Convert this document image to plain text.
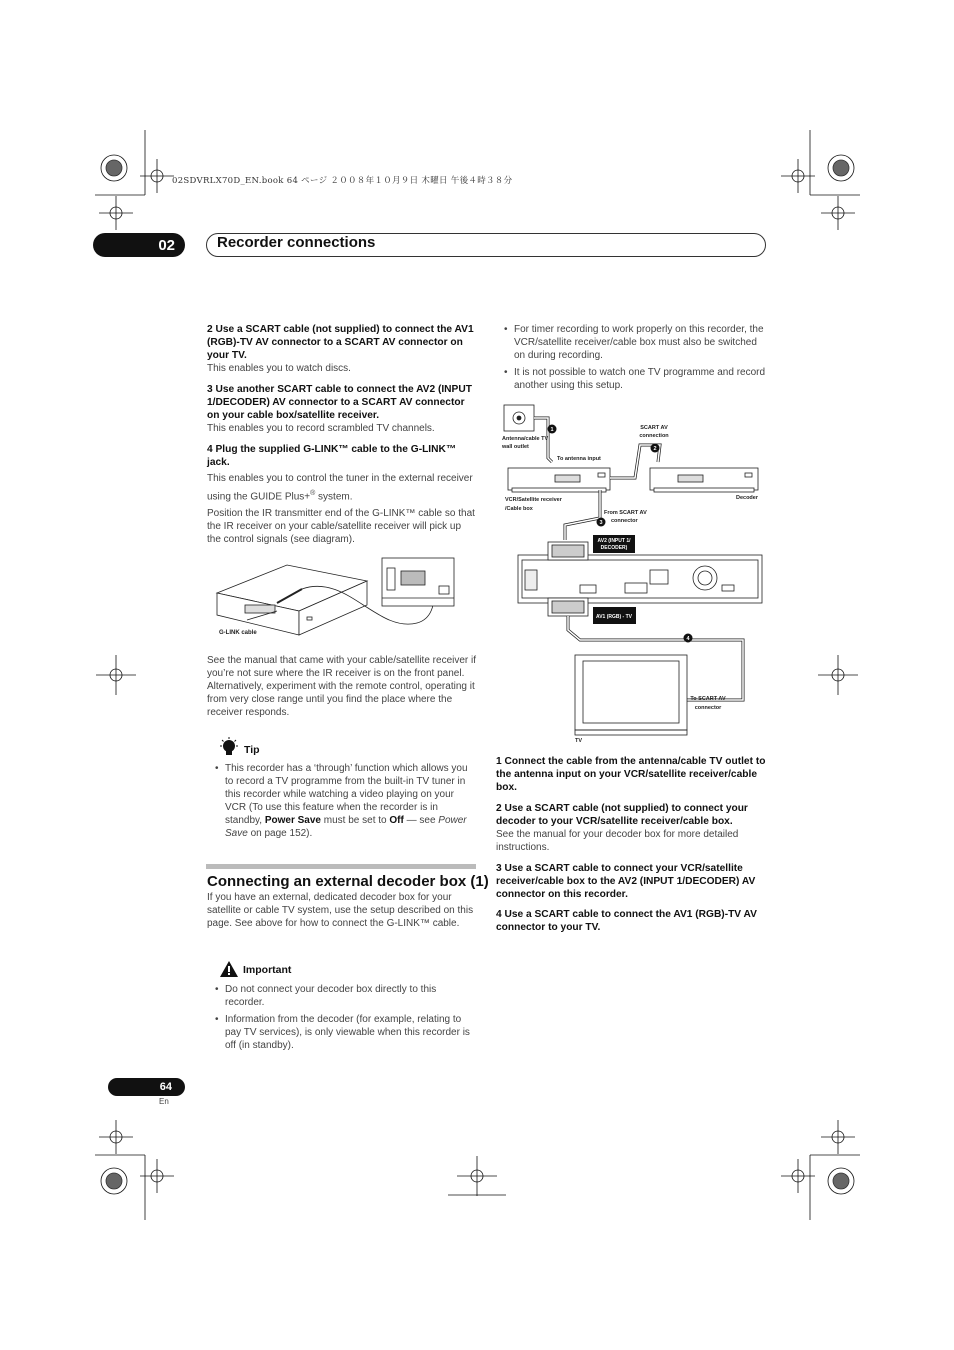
02SDVRLX70D_EN.book 64 ページ ２００８年１０月９日 木曜日 午後４時３８分
02	Recorder connections
2 Use a SCART cable (not supplied) to connect the AV1 (RGB)-TV AV connector to a SCART AV connector on your TV.
This enables you to watch discs.
3 Use another SCART cable to connect the AV2 (INPUT 1/DECODER) AV connector to a SCART AV connector on your cable box/satellite receiver.
This enables you to record scrambled TV channels.
4 Plug the supplied G-LINK™ cable to the G-LINK™ jack.
This enables you to control the tuner in the external receiver using the GUIDE Plus+® system.
Position the IR transmitter end of the G-LINK™ cable so that the IR receiver on your cable/satellite receiver will pick up the control signals (see diagram).
G-LINK cable
See the manual that came with your cable/satellite receiver if you’re not sure where the IR receiver is on the front panel. Alternatively, experiment with the remote control, operating it from very close range until you find the place where the receiver responds.
Tip
• This recorder has a ‘through’ function which allows you to record a TV programme from the built-in TV tuner in this recorder while watching a video playing on your VCR (To use this feature when the recorder is in standby, Power Save must be set to Off — see Power Save on page 152).
Connecting an external decoder box (1)
If you have an external, dedicated decoder box for your satellite or cable TV system, use the setup described on this page. See above for how to connect the G-LINK™ cable.
Important
• Do not connect your decoder box directly to this recorder.
• Information from the decoder (for example, relating to pay TV services), is only viewable when this recorder is off (in standby).
• For timer recording to work properly on this recorder, the VCR/satellite receiver/cable box must also be switched on during recording.
• It is not possible to watch one TV programme and record another using this setup.
AV2 (INPUT 1/
DECODER)
AV1 (RGB) - TV
1
2
3
4
Antenna/cable TV
wall outlet
To antenna input
SCART AV
connection
VCR/Satellite receiver
/Cable box
Decoder
From SCART AV
connector
To SCART AV
connector
TV
1 Connect the cable from the antenna/cable TV outlet to the antenna input on your VCR/satellite receiver/cable box.
2 Use a SCART cable (not supplied) to connect your decoder to your VCR/satellite receiver/cable box.
See the manual for your decoder box for more detailed instructions.
3 Use a SCART cable to connect your VCR/satellite receiver/cable box to the AV2 (INPUT 1/DECODER) AV connector on this recorder.
4 Use a SCART cable to connect the AV1 (RGB)-TV AV connector to your TV.
64
En
